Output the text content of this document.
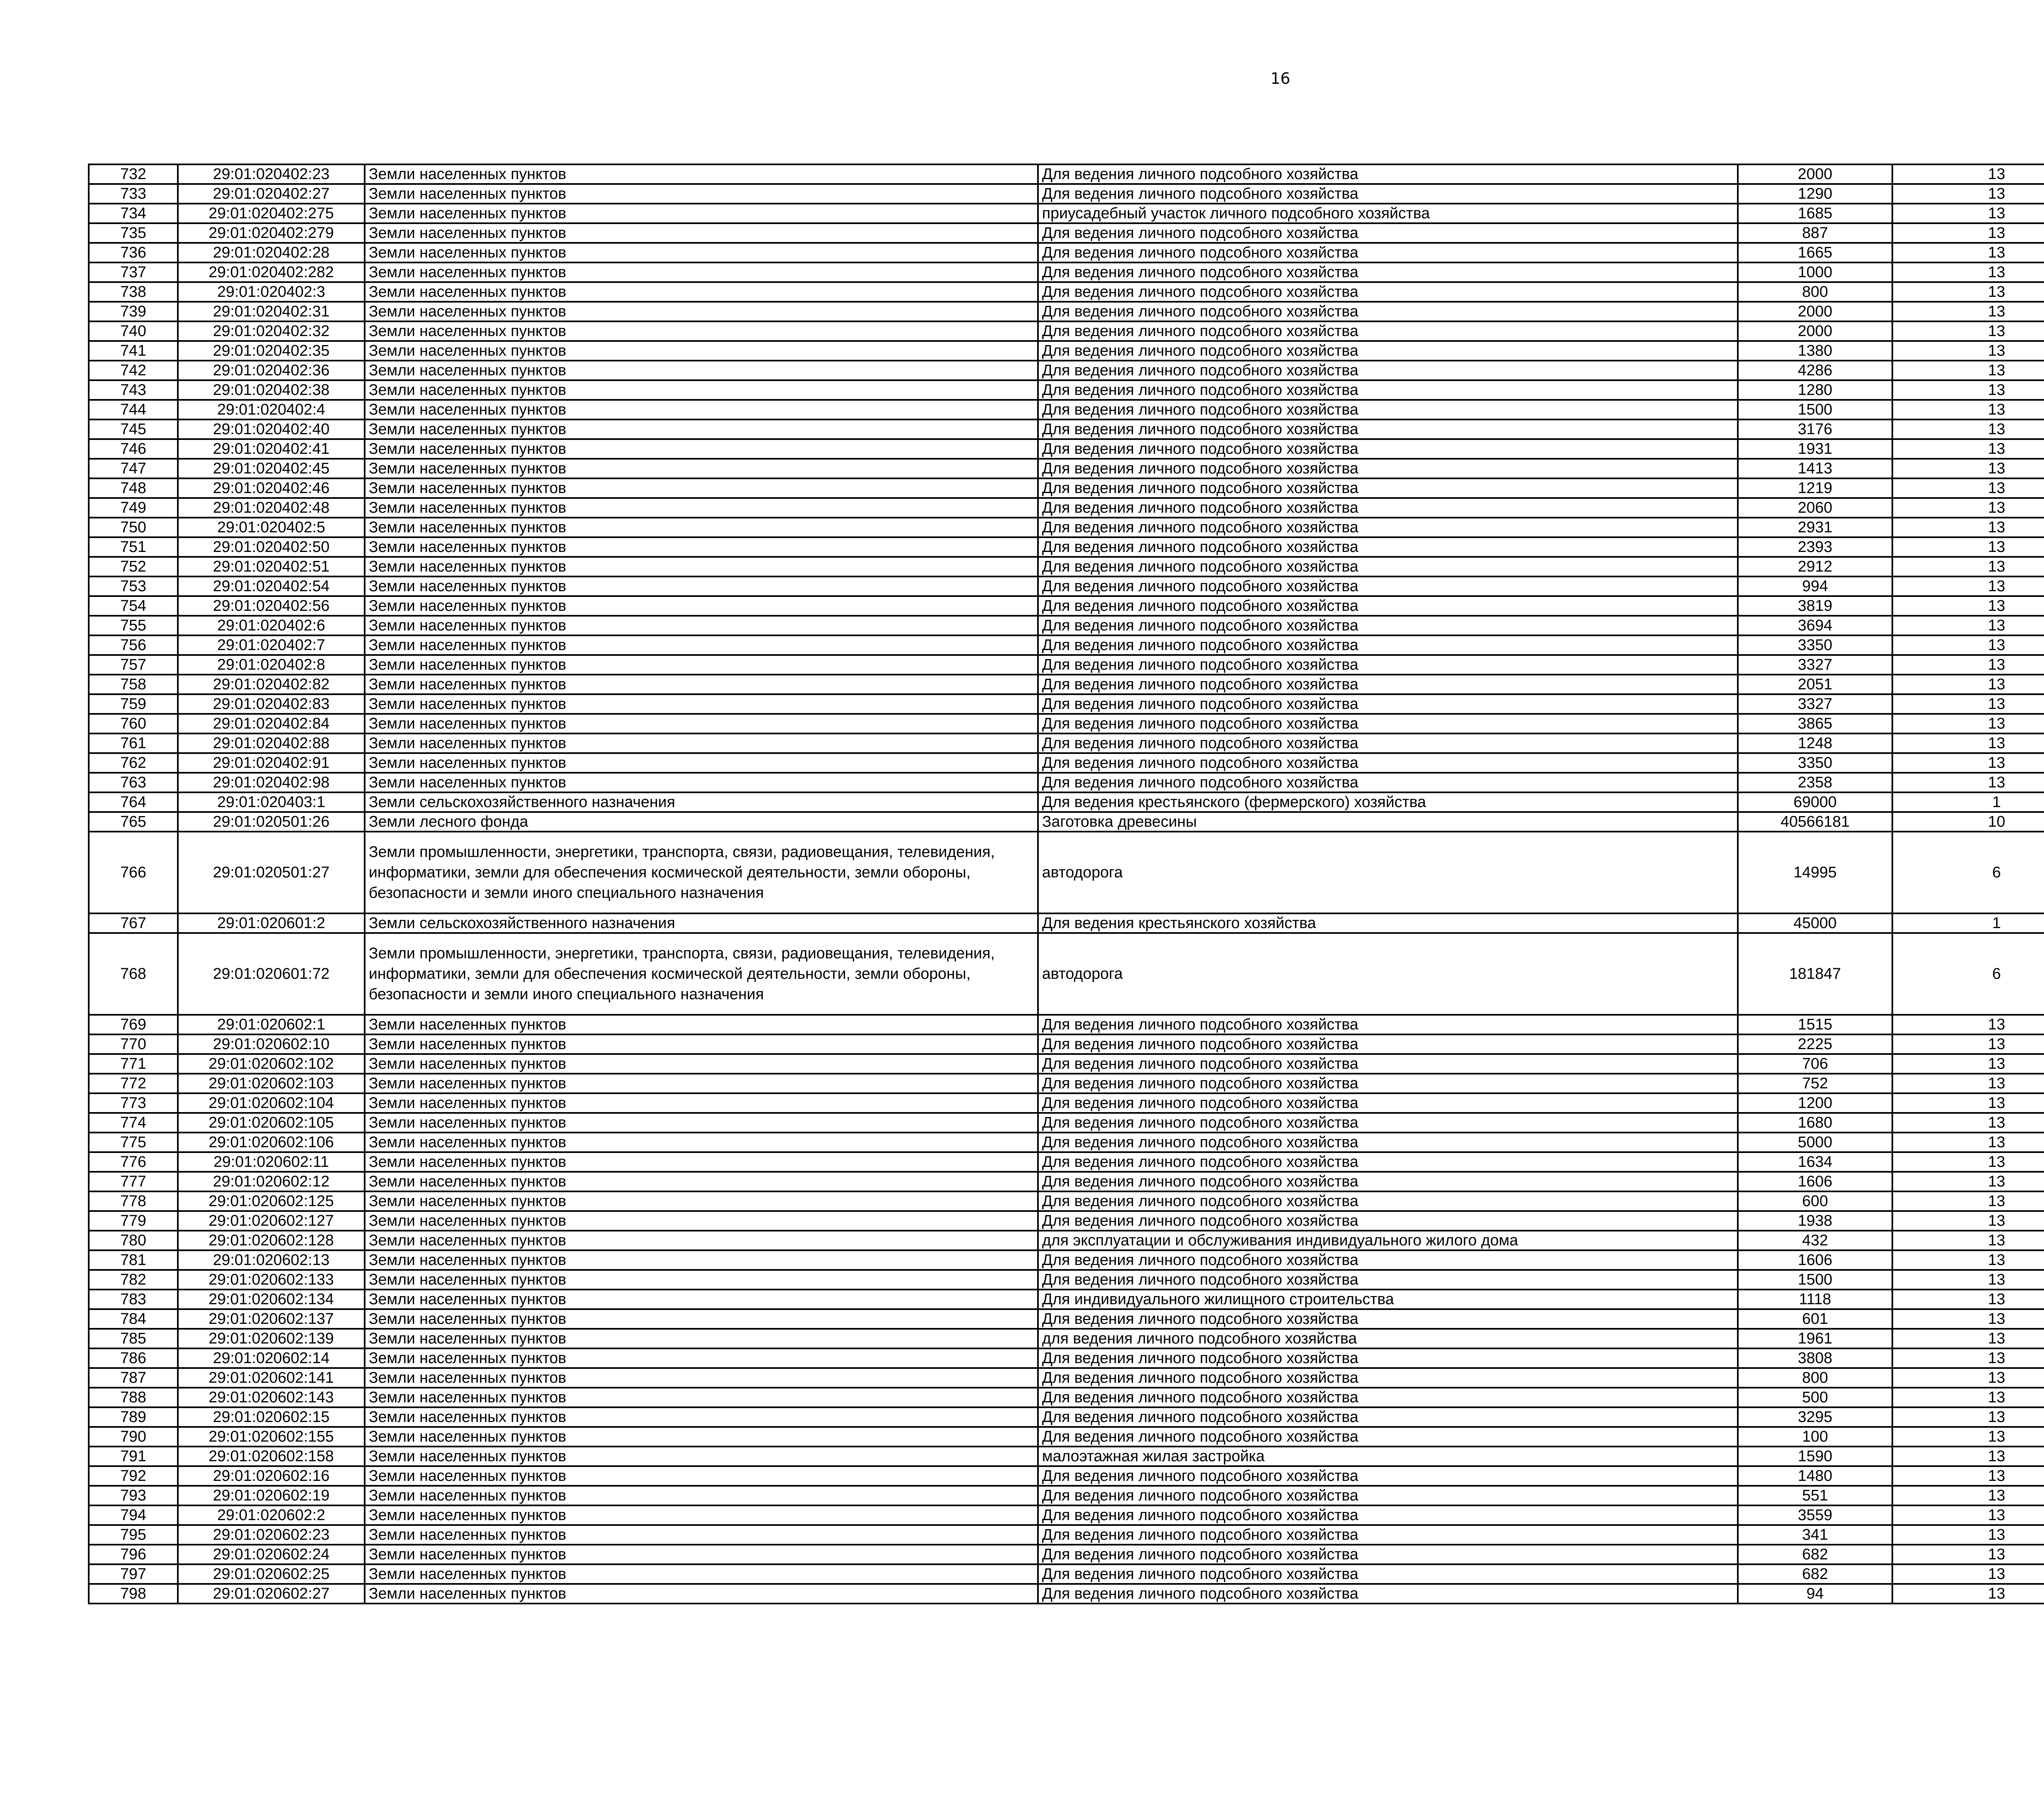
16
732	29:01:020402:23	Земли населенных пунктов	Для ведения личного подсобного хозяйства	2000	13		
733	29:01:020402:27	Земли населенных пунктов	Для ведения личного подсобного хозяйства	1290	13		
734	29:01:020402:275	Земли населенных пунктов	приусадебный участок личного подсобного хозяйства	1685	13		
735	29:01:020402:279	Земли населенных пунктов	Для ведения личного подсобного хозяйства	887	13		
736	29:01:020402:28	Земли населенных пунктов	Для ведения личного подсобного хозяйства	1665	13		
737	29:01:020402:282	Земли населенных пунктов	Для ведения личного подсобного хозяйства	1000	13		
738	29:01:020402:3	Земли населенных пунктов	Для ведения личного подсобного хозяйства	800	13		
739	29:01:020402:31	Земли населенных пунктов	Для ведения личного подсобного хозяйства	2000	13		
740	29:01:020402:32	Земли населенных пунктов	Для ведения личного подсобного хозяйства	2000	13		
741	29:01:020402:35	Земли населенных пунктов	Для ведения личного подсобного хозяйства	1380	13		
742	29:01:020402:36	Земли населенных пунктов	Для ведения личного подсобного хозяйства	4286	13		
743	29:01:020402:38	Земли населенных пунктов	Для ведения личного подсобного хозяйства	1280	13		
744	29:01:020402:4	Земли населенных пунктов	Для ведения личного подсобного хозяйства	1500	13		
745	29:01:020402:40	Земли населенных пунктов	Для ведения личного подсобного хозяйства	3176	13		
746	29:01:020402:41	Земли населенных пунктов	Для ведения личного подсобного хозяйства	1931	13		
747	29:01:020402:45	Земли населенных пунктов	Для ведения личного подсобного хозяйства	1413	13		
748	29:01:020402:46	Земли населенных пунктов	Для ведения личного подсобного хозяйства	1219	13		
749	29:01:020402:48	Земли населенных пунктов	Для ведения личного подсобного хозяйства	2060	13		
750	29:01:020402:5	Земли населенных пунктов	Для ведения личного подсобного хозяйства	2931	13		
751	29:01:020402:50	Земли населенных пунктов	Для ведения личного подсобного хозяйства	2393	13		
752	29:01:020402:51	Земли населенных пунктов	Для ведения личного подсобного хозяйства	2912	13		
753	29:01:020402:54	Земли населенных пунктов	Для ведения личного подсобного хозяйства	994	13		
754	29:01:020402:56	Земли населенных пунктов	Для ведения личного подсобного хозяйства	3819	13		
755	29:01:020402:6	Земли населенных пунктов	Для ведения личного подсобного хозяйства	3694	13		
756	29:01:020402:7	Земли населенных пунктов	Для ведения личного подсобного хозяйства	3350	13		
757	29:01:020402:8	Земли населенных пунктов	Для ведения личного подсобного хозяйства	3327	13		
758	29:01:020402:82	Земли населенных пунктов	Для ведения личного подсобного хозяйства	2051	13		
759	29:01:020402:83	Земли населенных пунктов	Для ведения личного подсобного хозяйства	3327	13		
760	29:01:020402:84	Земли населенных пунктов	Для ведения личного подсобного хозяйства	3865	13		
761	29:01:020402:88	Земли населенных пунктов	Для ведения личного подсобного хозяйства	1248	13		
762	29:01:020402:91	Земли населенных пунктов	Для ведения личного подсобного хозяйства	3350	13		
763	29:01:020402:98	Земли населенных пунктов	Для ведения личного подсобного хозяйства	2358	13		
764	29:01:020403:1	Земли сельскохозяйственного назначения	Для ведения крестьянского (фермерского) хозяйства	69000	1		
765	29:01:020501:26	Земли лесного фонда	Заготовка древесины	40566181	10		
766	29:01:020501:27	Земли промышленности, энергетики, транспорта, связи, радиовещания, телевидения, информатики, земли для обеспечения космической деятельности, земли обороны, безопасности и земли иного специального назначения	автодорога	14995	6		
767	29:01:020601:2	Земли сельскохозяйственного назначения	Для ведения крестьянского хозяйства	45000	1		
768	29:01:020601:72	Земли промышленности, энергетики, транспорта, связи, радиовещания, телевидения, информатики, земли для обеспечения космической деятельности, земли обороны, безопасности и земли иного специального назначения	автодорога	181847	6		
769	29:01:020602:1	Земли населенных пунктов	Для ведения личного подсобного хозяйства	1515	13		
770	29:01:020602:10	Земли населенных пунктов	Для ведения личного подсобного хозяйства	2225	13		
771	29:01:020602:102	Земли населенных пунктов	Для ведения личного подсобного хозяйства	706	13		
772	29:01:020602:103	Земли населенных пунктов	Для ведения личного подсобного хозяйства	752	13		
773	29:01:020602:104	Земли населенных пунктов	Для ведения личного подсобного хозяйства	1200	13		
774	29:01:020602:105	Земли населенных пунктов	Для ведения личного подсобного хозяйства	1680	13		
775	29:01:020602:106	Земли населенных пунктов	Для ведения личного подсобного хозяйства	5000	13		
776	29:01:020602:11	Земли населенных пунктов	Для ведения личного подсобного хозяйства	1634	13		
777	29:01:020602:12	Земли населенных пунктов	Для ведения личного подсобного хозяйства	1606	13		
778	29:01:020602:125	Земли населенных пунктов	Для ведения личного подсобного хозяйства	600	13		
779	29:01:020602:127	Земли населенных пунктов	Для ведения личного подсобного хозяйства	1938	13		
780	29:01:020602:128	Земли населенных пунктов	для эксплуатации и обслуживания индивидуального жилого дома	432	13		
781	29:01:020602:13	Земли населенных пунктов	Для ведения личного подсобного хозяйства	1606	13		
782	29:01:020602:133	Земли населенных пунктов	Для ведения личного подсобного хозяйства	1500	13		
783	29:01:020602:134	Земли населенных пунктов	Для индивидуального жилищного строительства	1118	13		
784	29:01:020602:137	Земли населенных пунктов	Для ведения личного подсобного хозяйства	601	13		
785	29:01:020602:139	Земли населенных пунктов	для ведения личного подсобного хозяйства	1961	13		
786	29:01:020602:14	Земли населенных пунктов	Для ведения личного подсобного хозяйства	3808	13		
787	29:01:020602:141	Земли населенных пунктов	Для ведения личного подсобного хозяйства	800	13		
788	29:01:020602:143	Земли населенных пунктов	Для ведения личного подсобного хозяйства	500	13		
789	29:01:020602:15	Земли населенных пунктов	Для ведения личного подсобного хозяйства	3295	13		
790	29:01:020602:155	Земли населенных пунктов	Для ведения личного подсобного хозяйства	100	13		
791	29:01:020602:158	Земли населенных пунктов	малоэтажная жилая застройка	1590	13		
792	29:01:020602:16	Земли населенных пунктов	Для ведения личного подсобного хозяйства	1480	13		
793	29:01:020602:19	Земли населенных пунктов	Для ведения личного подсобного хозяйства	551	13		
794	29:01:020602:2	Земли населенных пунктов	Для ведения личного подсобного хозяйства	3559	13		
795	29:01:020602:23	Земли населенных пунктов	Для ведения личного подсобного хозяйства	341	13		
796	29:01:020602:24	Земли населенных пунктов	Для ведения личного подсобного хозяйства	682	13		
797	29:01:020602:25	Земли населенных пунктов	Для ведения личного подсобного хозяйства	682	13		
798	29:01:020602:27	Земли населенных пунктов	Для ведения личного подсобного хозяйства	94	13		
